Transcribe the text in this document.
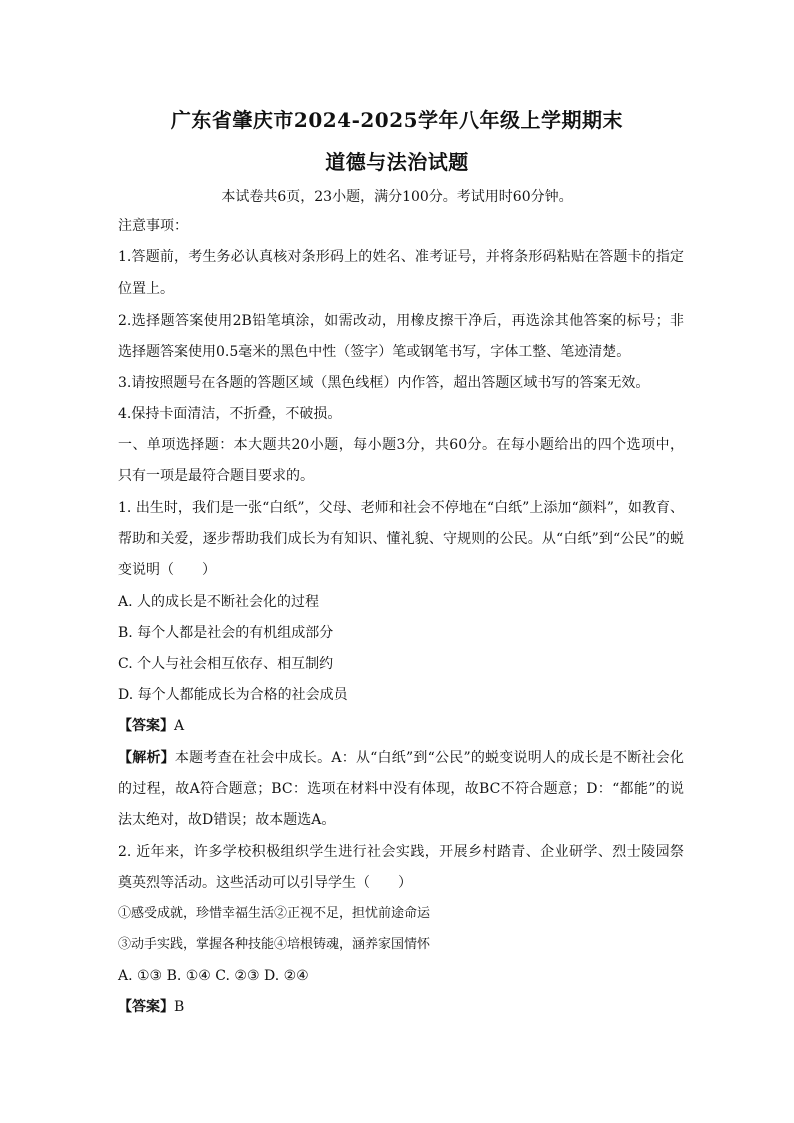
广东省肇庆市2024-2025学年八年级上学期期末
道德与法治试题
本试卷共6页，23小题，满分100分。考试用时60分钟。
注意事项：
1.答题前，考生务必认真核对条形码上的姓名、准考证号，并将条形码粘贴在答题卡的指定
位置上。
2.选择题答案使用2B铅笔填涂，如需改动，用橡皮擦干净后，再选涂其他答案的标号；非
选择题答案使用0.5毫米的黑色中性（签字）笔或钢笔书写，字体工整、笔迹清楚。
3.请按照题号在各题的答题区域（黑色线框）内作答，超出答题区域书写的答案无效。
4.保持卡面清洁，不折叠，不破损。
一、单项选择题：本大题共20小题，每小题3分，共60分。在每小题给出的四个选项中，
只有一项是最符合题目要求的。
1. 出生时，我们是一张“白纸”，父母、老师和社会不停地在“白纸”上添加“颜料”，如教育、
帮助和关爱，逐步帮助我们成长为有知识、懂礼貌、守规则的公民。从“白纸”到“公民”的蜕
变说明（　　）
A. 人的成长是不断社会化的过程
B. 每个人都是社会的有机组成部分
C. 个人与社会相互依存、相互制约
D. 每个人都能成长为合格的社会成员
【答案】A
【解析】本题考查在社会中成长。A：从“白纸”到“公民”的蜕变说明人的成长是不断社会化
的过程，故A符合题意；BC：选项在材料中没有体现，故BC不符合题意；D：“都能”的说
法太绝对，故D错误；故本题选A。
2. 近年来，许多学校积极组织学生进行社会实践，开展乡村踏青、企业研学、烈士陵园祭
奠英烈等活动。这些活动可以引导学生（　　）
①感受成就，珍惜幸福生活②正视不足，担忧前途命运
③动手实践，掌握各种技能④培根铸魂，涵养家国情怀
A. ①③ B. ①④ C. ②③ D. ②④
【答案】B
